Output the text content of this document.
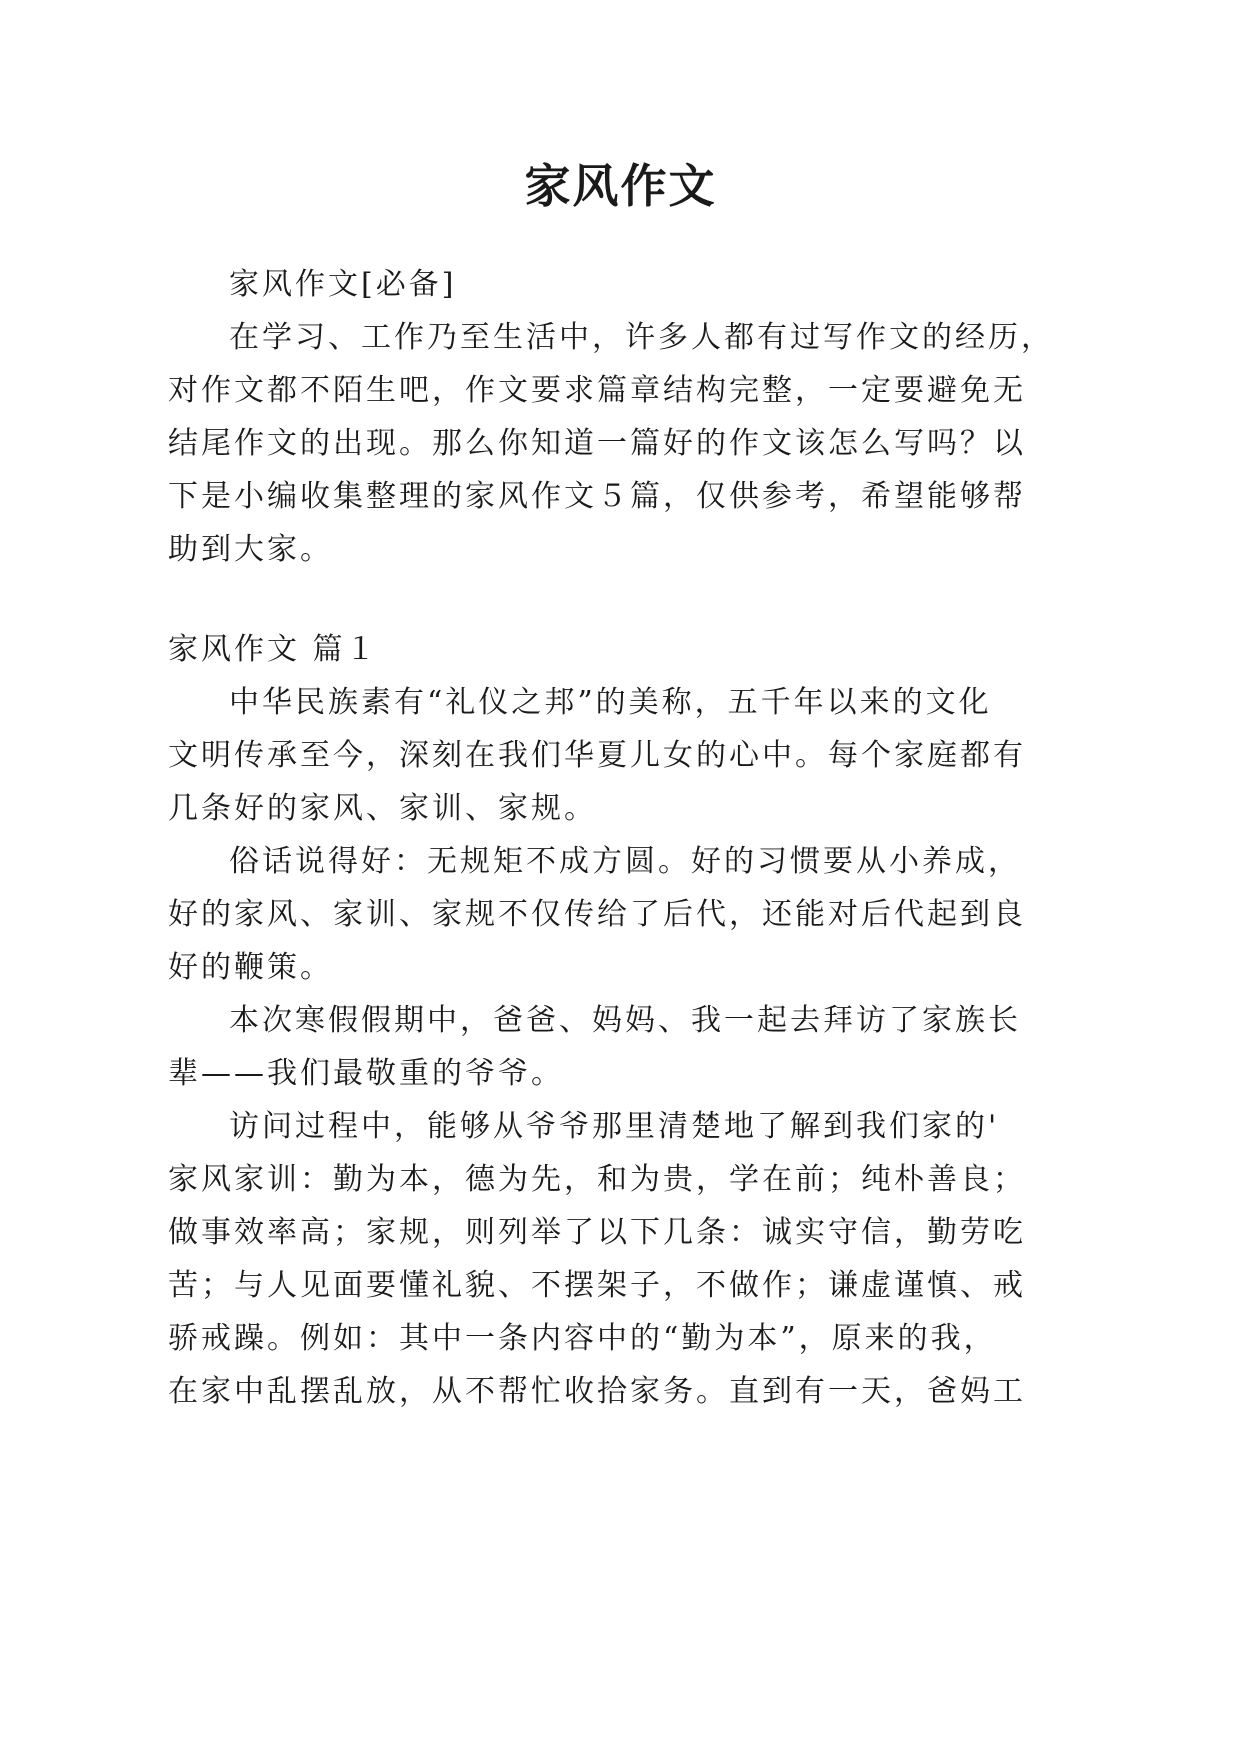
家风作文

家风作文[必备]

在学习、工作乃至生活中，许多人都有过写作文的经历，

对作文都不陌生吧，作文要求篇章结构完整，一定要避免无

结尾作文的出现。那么你知道一篇好的作文该怎么写吗？以

下是小编收集整理的家风作文５篇，仅供参考，希望能够帮

助到大家。

家风作文 篇１

中华民族素有“礼仪之邦”的美称，五千年以来的文化

文明传承至今，深刻在我们华夏儿女的心中。每个家庭都有

几条好的家风、家训、家规。

俗话说得好：无规矩不成方圆。好的习惯要从小养成，

好的家风、家训、家规不仅传给了后代，还能对后代起到良

好的鞭策。

本次寒假假期中，爸爸、妈妈、我一起去拜访了家族长

辈——我们最敬重的爷爷。

访问过程中，能够从爷爷那里清楚地了解到我们家的'

家风家训：勤为本，德为先，和为贵，学在前；纯朴善良；

做事效率高；家规，则列举了以下几条：诚实守信，勤劳吃

苦；与人见面要懂礼貌、不摆架子，不做作；谦虚谨慎、戒

骄戒躁。例如：其中一条内容中的“勤为本”，原来的我，

在家中乱摆乱放，从不帮忙收拾家务。直到有一天，爸妈工
